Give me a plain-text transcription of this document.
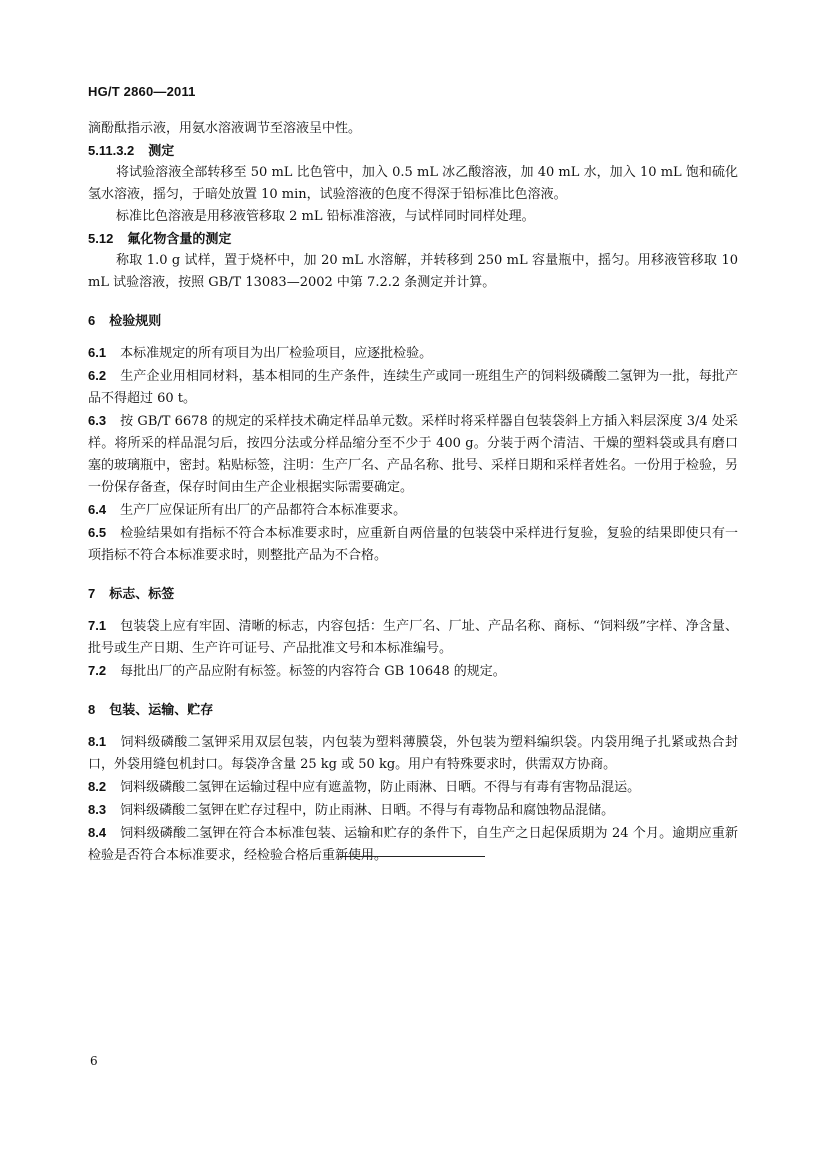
HG/T 2860—2011

滴酚酞指示液，用氨水溶液调节至溶液呈中性。

5.11.3.2 测定

将试验溶液全部转移至 50 mL 比色管中，加入 0.5 mL 冰乙酸溶液，加 40 mL 水，加入 10 mL 饱和硫化氢水溶液，摇匀，于暗处放置 10 min，试验溶液的色度不得深于铅标准比色溶液。

标准比色溶液是用移液管移取 2 mL 铅标准溶液，与试样同时同样处理。

5.12 氟化物含量的测定

称取 1.0 g 试样，置于烧杯中，加 20 mL 水溶解，并转移到 250 mL 容量瓶中，摇匀。用移液管移取 10 mL 试验溶液，按照 GB/T 13083—2002 中第 7.2.2 条测定并计算。

6 检验规则

6.1 本标准规定的所有项目为出厂检验项目，应逐批检验。

6.2 生产企业用相同材料，基本相同的生产条件，连续生产或同一班组生产的饲料级磷酸二氢钾为一批，每批产品不得超过 60 t。

6.3 按 GB/T 6678 的规定的采样技术确定样品单元数。采样时将采样器自包装袋斜上方插入料层深度 3/4 处采样。将所采的样品混匀后，按四分法或分样品缩分至不少于 400 g。分装于两个清洁、干燥的塑料袋或具有磨口塞的玻璃瓶中，密封。粘贴标签，注明：生产厂名、产品名称、批号、采样日期和采样者姓名。一份用于检验，另一份保存备查，保存时间由生产企业根据实际需要确定。

6.4 生产厂应保证所有出厂的产品都符合本标准要求。

6.5 检验结果如有指标不符合本标准要求时，应重新自两倍量的包装袋中采样进行复验，复验的结果即使只有一项指标不符合本标准要求时，则整批产品为不合格。

7 标志、标签

7.1 包装袋上应有牢固、清晰的标志，内容包括：生产厂名、厂址、产品名称、商标、“饲料级”字样、净含量、批号或生产日期、生产许可证号、产品批准文号和本标准编号。

7.2 每批出厂的产品应附有标签。标签的内容符合 GB 10648 的规定。

8 包装、运输、贮存

8.1 饲料级磷酸二氢钾采用双层包装，内包装为塑料薄膜袋，外包装为塑料编织袋。内袋用绳子扎紧或热合封口，外袋用缝包机封口。每袋净含量 25 kg 或 50 kg。用户有特殊要求时，供需双方协商。

8.2 饲料级磷酸二氢钾在运输过程中应有遮盖物，防止雨淋、日晒。不得与有毒有害物品混运。

8.3 饲料级磷酸二氢钾在贮存过程中，防止雨淋、日晒。不得与有毒物品和腐蚀物品混储。

8.4 饲料级磷酸二氢钾在符合本标准包装、运输和贮存的条件下，自生产之日起保质期为 24 个月。逾期应重新检验是否符合本标准要求，经检验合格后重新使用。

6
